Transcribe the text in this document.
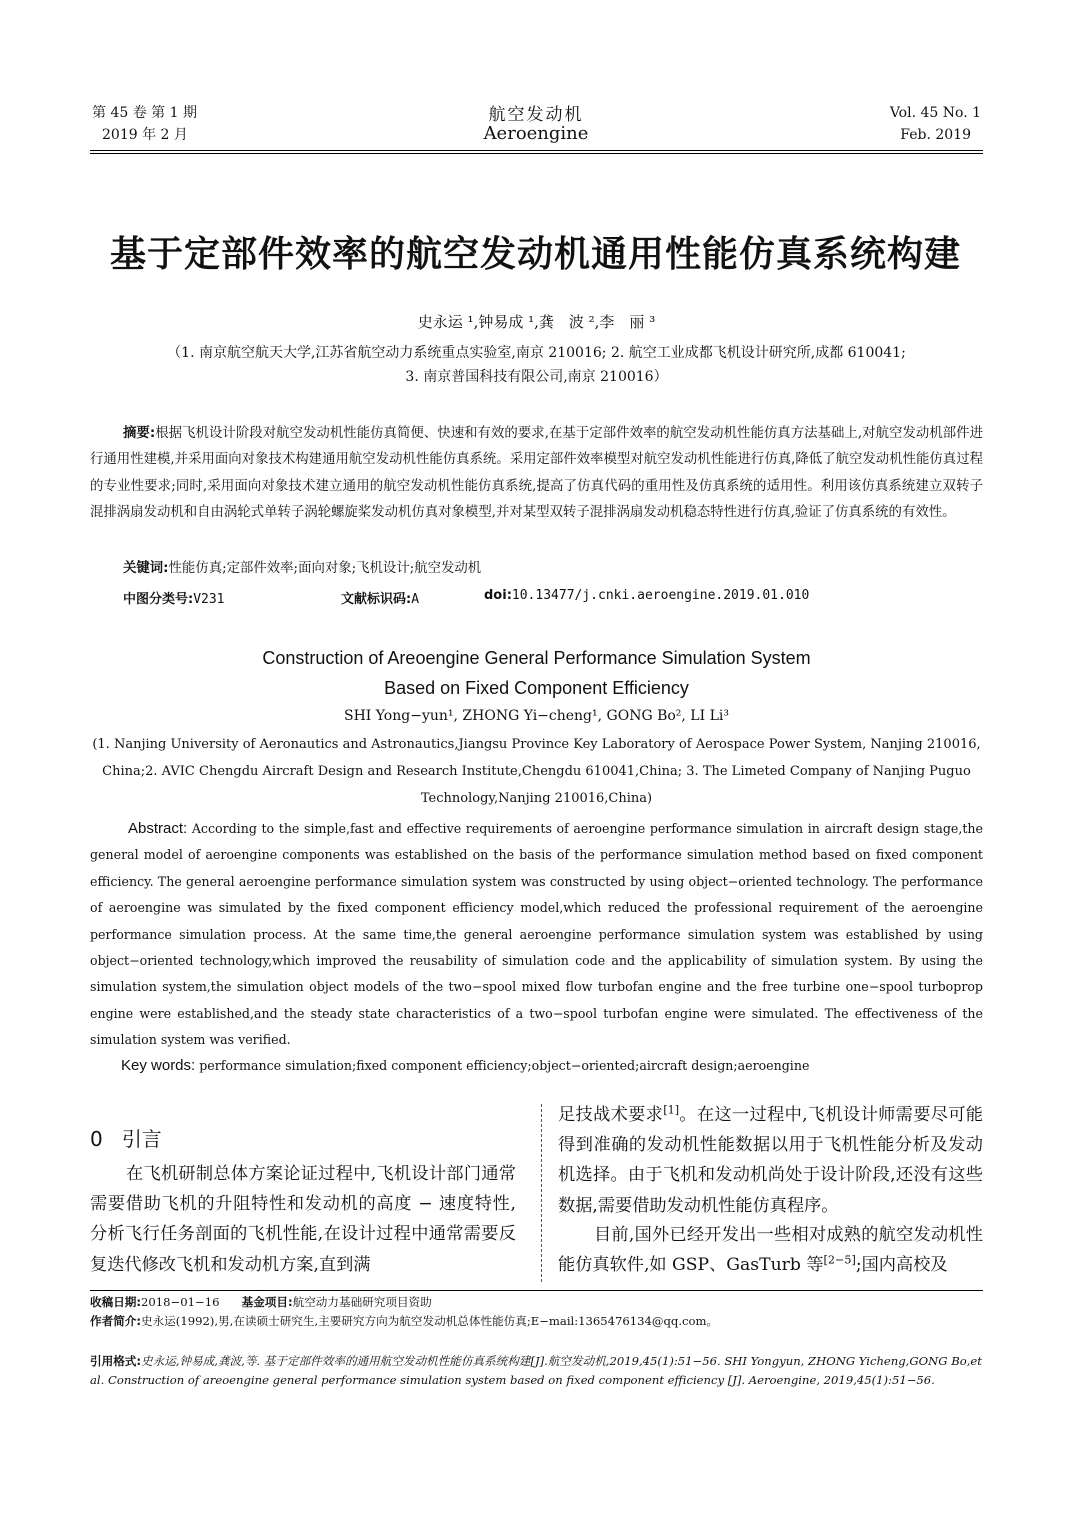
第 45 卷 第 1 期
2019 年 2 月
航空发动机
Aeroengine
Vol. 45 No. 1
Feb. 2019
基于定部件效率的航空发动机通用性能仿真系统构建
史永运 ¹,钟易成 ¹,龚　波 ²,李　丽 ³
（1. 南京航空航天大学,江苏省航空动力系统重点实验室,南京 210016; 2. 航空工业成都飞机设计研究所,成都 610041;
3. 南京普国科技有限公司,南京 210016）
摘要:根据飞机设计阶段对航空发动机性能仿真简便、快速和有效的要求,在基于定部件效率的航空发动机性能仿真方法基础上,对航空发动机部件进行通用性建模,并采用面向对象技术构建通用航空发动机性能仿真系统。采用定部件效率模型对航空发动机性能进行仿真,降低了航空发动机性能仿真过程的专业性要求;同时,采用面向对象技术建立通用的航空发动机性能仿真系统,提高了仿真代码的重用性及仿真系统的适用性。利用该仿真系统建立双转子混排涡扇发动机和自由涡轮式单转子涡轮螺旋桨发动机仿真对象模型,并对某型双转子混排涡扇发动机稳态特性进行仿真,验证了仿真系统的有效性。
关键词:性能仿真;定部件效率;面向对象;飞机设计;航空发动机
中图分类号:V231	文献标识码:A	doi:10.13477/j.cnki.aeroengine.2019.01.010
Construction of Areoengine General Performance Simulation System
Based on Fixed Component Efficiency
SHI Yong−yun¹, ZHONG Yi−cheng¹, GONG Bo², LI Li³
(1. Nanjing University of Aeronautics and Astronautics,Jiangsu Province Key Laboratory of Aerospace Power System, Nanjing 210016,
China;2. AVIC Chengdu Aircraft Design and Research Institute,Chengdu 610041,China; 3. The Limeted Company of Nanjing Puguo
Technology,Nanjing 210016,China)
Abstract: According to the simple,fast and effective requirements of aeroengine performance simulation in aircraft design stage,the general model of aeroengine components was established on the basis of the performance simulation method based on fixed component efficiency. The general aeroengine performance simulation system was constructed by using object−oriented technology. The performance of aeroengine was simulated by the fixed component efficiency model,which reduced the professional requirement of the aeroengine performance simulation process. At the same time,the general aeroengine performance simulation system was established by using object−oriented technology,which improved the reusability of simulation code and the applicability of simulation system. By using the simulation system,the simulation object models of the two−spool mixed flow turbofan engine and the free turbine one−spool turboprop engine were established,and the steady state characteristics of a two−spool turbofan engine were simulated. The effectiveness of the simulation system was verified.
Key words: performance simulation;fixed component efficiency;object−oriented;aircraft design;aeroengine
0 引言
在飞机研制总体方案论证过程中,飞机设计部门通常需要借助飞机的升阻特性和发动机的高度 − 速度特性,分析飞行任务剖面的飞机性能,在设计过程中通常需要反复迭代修改飞机和发动机方案,直到满
足技战术要求[1]。在这一过程中,飞机设计师需要尽可能得到准确的发动机性能数据以用于飞机性能分析及发动机选择。由于飞机和发动机尚处于设计阶段,还没有这些数据,需要借助发动机性能仿真程序。
目前,国外已经开发出一些相对成熟的航空发动机性能仿真软件,如 GSP、GasTurb 等[2−5];国内高校及
收稿日期:2018−01−16 基金项目:航空动力基础研究项目资助
作者简介:史永运(1992),男,在读硕士研究生,主要研究方向为航空发动机总体性能仿真;E−mail:1365476134@qq.com。
引用格式:史永运,钟易成,龚波,等. 基于定部件效率的通用航空发动机性能仿真系统构建[J].航空发动机,2019,45(1):51−56. SHI Yongyun, ZHONG Yicheng,GONG Bo,et al. Construction of areoengine general performance simulation system based on fixed component efficiency [J]. Aeroengine, 2019,45(1):51−56.
